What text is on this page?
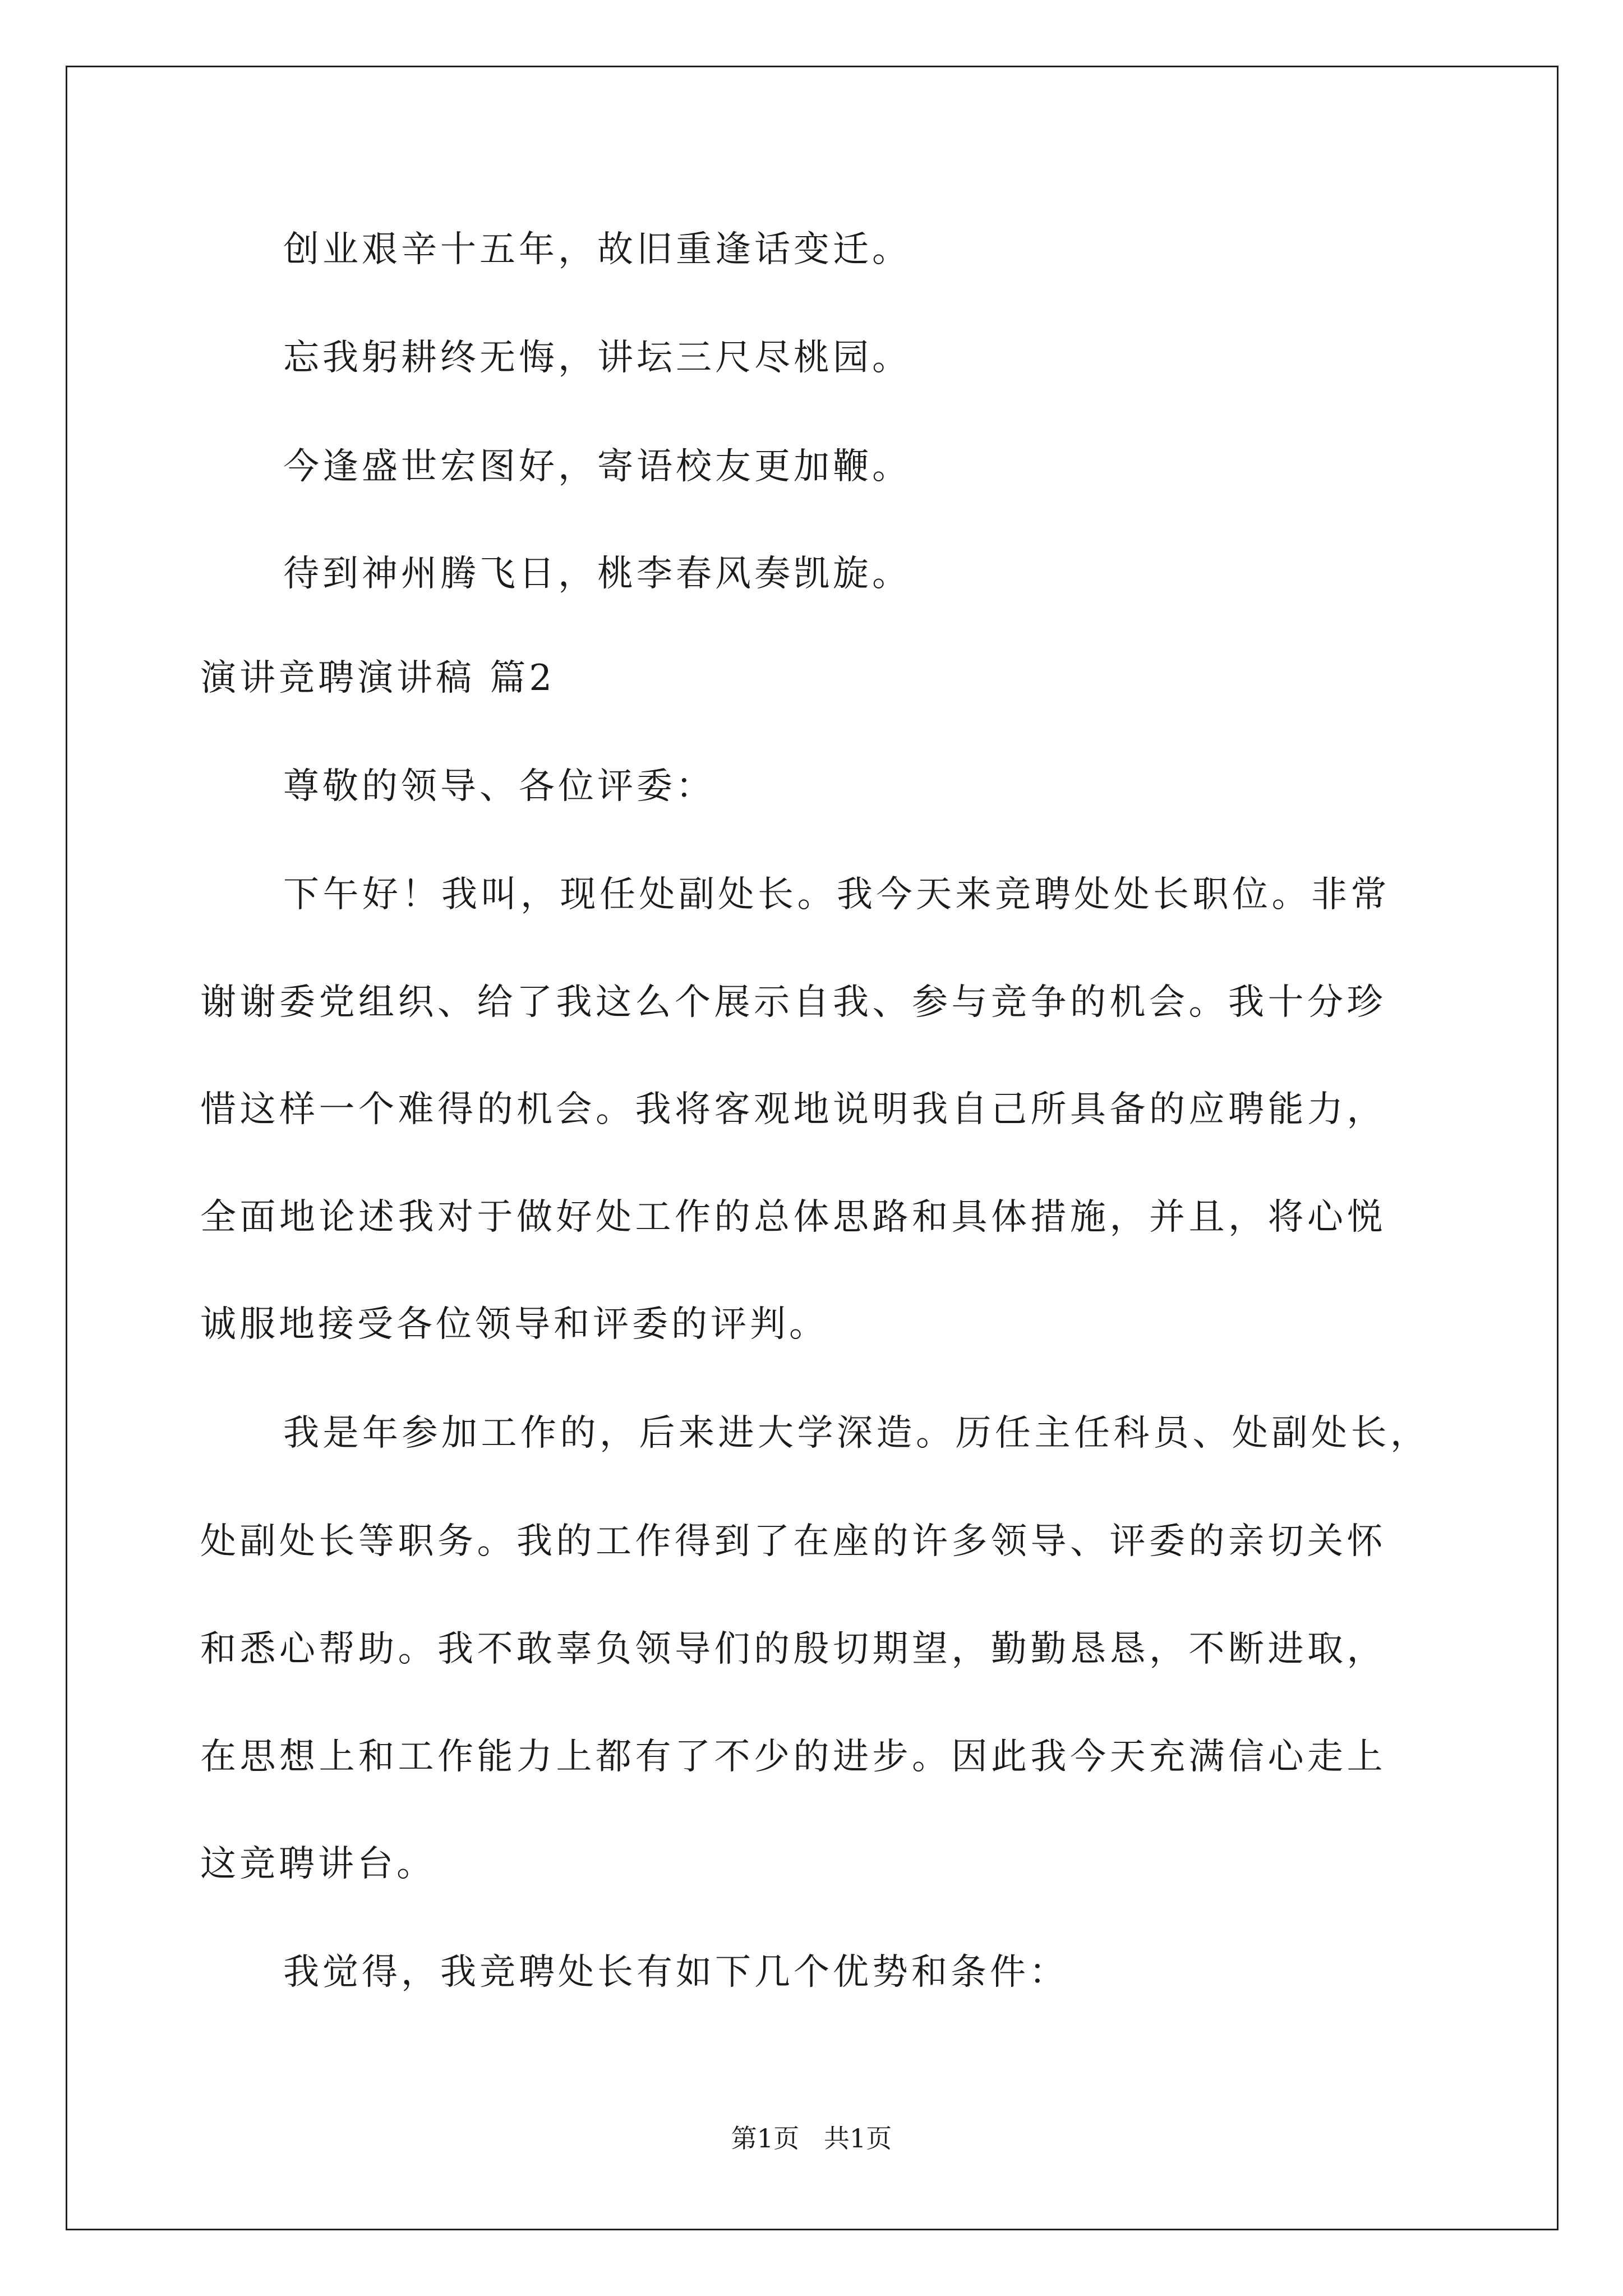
创业艰辛十五年，故旧重逢话变迁。
忘我躬耕终无悔，讲坛三尺尽桃园。
今逢盛世宏图好，寄语校友更加鞭。
待到神州腾飞日，桃李春风奏凯旋。
演讲竞聘演讲稿 篇2
尊敬的领导、各位评委：
下午好！我叫，现任处副处长。我今天来竞聘处处长职位。非常
谢谢委党组织、给了我这么个展示自我、参与竞争的机会。我十分珍
惜这样一个难得的机会。我将客观地说明我自己所具备的应聘能力，
全面地论述我对于做好处工作的总体思路和具体措施，并且，将心悦
诚服地接受各位领导和评委的评判。
我是年参加工作的，后来进大学深造。历任主任科员、处副处长，
处副处长等职务。我的工作得到了在座的许多领导、评委的亲切关怀
和悉心帮助。我不敢辜负领导们的殷切期望，勤勤恳恳，不断进取，
在思想上和工作能力上都有了不少的进步。因此我今天充满信心走上
这竞聘讲台。
我觉得，我竞聘处长有如下几个优势和条件：
第1页   共1页
